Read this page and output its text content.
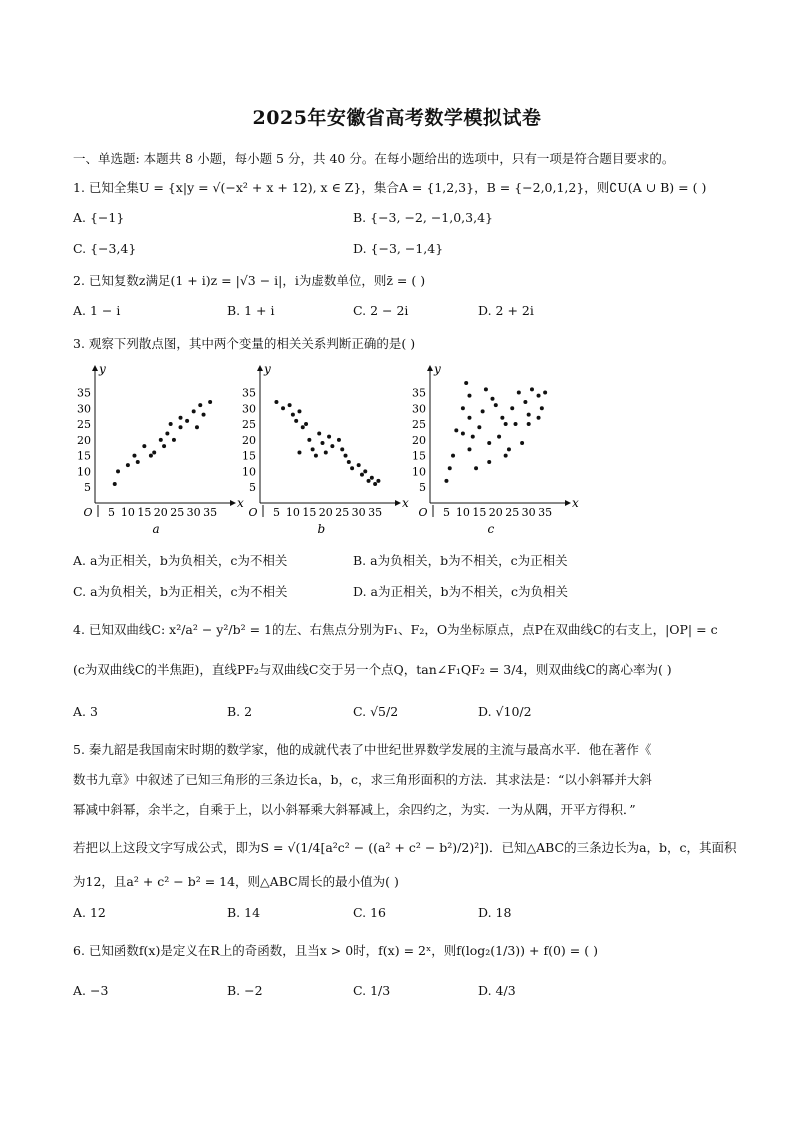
2025年安徽省高考数学模拟试卷
一、单选题: 本题共 8 小题，每小题 5 分，共 40 分。在每小题给出的选项中，只有一项是符合题目要求的。
1. 已知全集U = {x|y = √(−x² + x + 12), x ∈ Z}，集合A = {1,2,3}，B = {−2,0,1,2}，则∁U(A ∪ B) = ( )
A. {−1}	B. {−3, −2, −1,0,3,4}
C. {−3,4}	D. {−3, −1,4}
2. 已知复数z满足(1 + i)z = |√3 − i|，i为虚数单位，则z̄ = ( )
A. 1 − i	B. 1 + i	C. 2 − 2i	D. 2 + 2i
3. 观察下列散点图，其中两个变量的相关关系判断正确的是( )
x
y
5
10
15
20
25
30
35
O 5 10 15 20 25 30 35
a
x
y
5
10
15
20
25
30
35
O 5 10 15 20 25 30 35
b
x
y
5
10
15
20
25
30
35
O 5 10 15 20 25 30 35
c
A. a为正相关，b为负相关，c为不相关	B. a为负相关，b为不相关，c为正相关
C. a为负相关，b为正相关，c为不相关	D. a为正相关，b为不相关，c为负相关
4. 已知双曲线C: x²/a² − y²/b² = 1的左、右焦点分别为F₁、F₂，O为坐标原点，点P在双曲线C的右支上，|OP| = c
(c为双曲线C的半焦距)，直线PF₂与双曲线C交于另一个点Q，tan∠F₁QF₂ = 3/4，则双曲线C的离心率为( )
A. 3	B. 2	C. √5/2	D. √10/2
5. 秦九韶是我国南宋时期的数学家，他的成就代表了中世纪世界数学发展的主流与最高水平．他在著作《
数书九章》中叙述了已知三角形的三条边长a，b，c，求三角形面积的方法．其求法是：“以小斜幂并大斜
幂减中斜幂，余半之，自乘于上，以小斜幂乘大斜幂减上，余四约之，为实．一为从隅，开平方得积．”
若把以上这段文字写成公式，即为S = √(1/4[a²c² − ((a² + c² − b²)/2)²])．已知△ABC的三条边长为a，b，c，其面积
为12，且a² + c² − b² = 14，则△ABC周长的最小值为( )
A. 12	B. 14	C. 16	D. 18
6. 已知函数f(x)是定义在R上的奇函数，且当x > 0时，f(x) = 2ˣ，则f(log₂(1/3)) + f(0) = ( )
A. −3	B. −2	C. 1/3	D. 4/3
